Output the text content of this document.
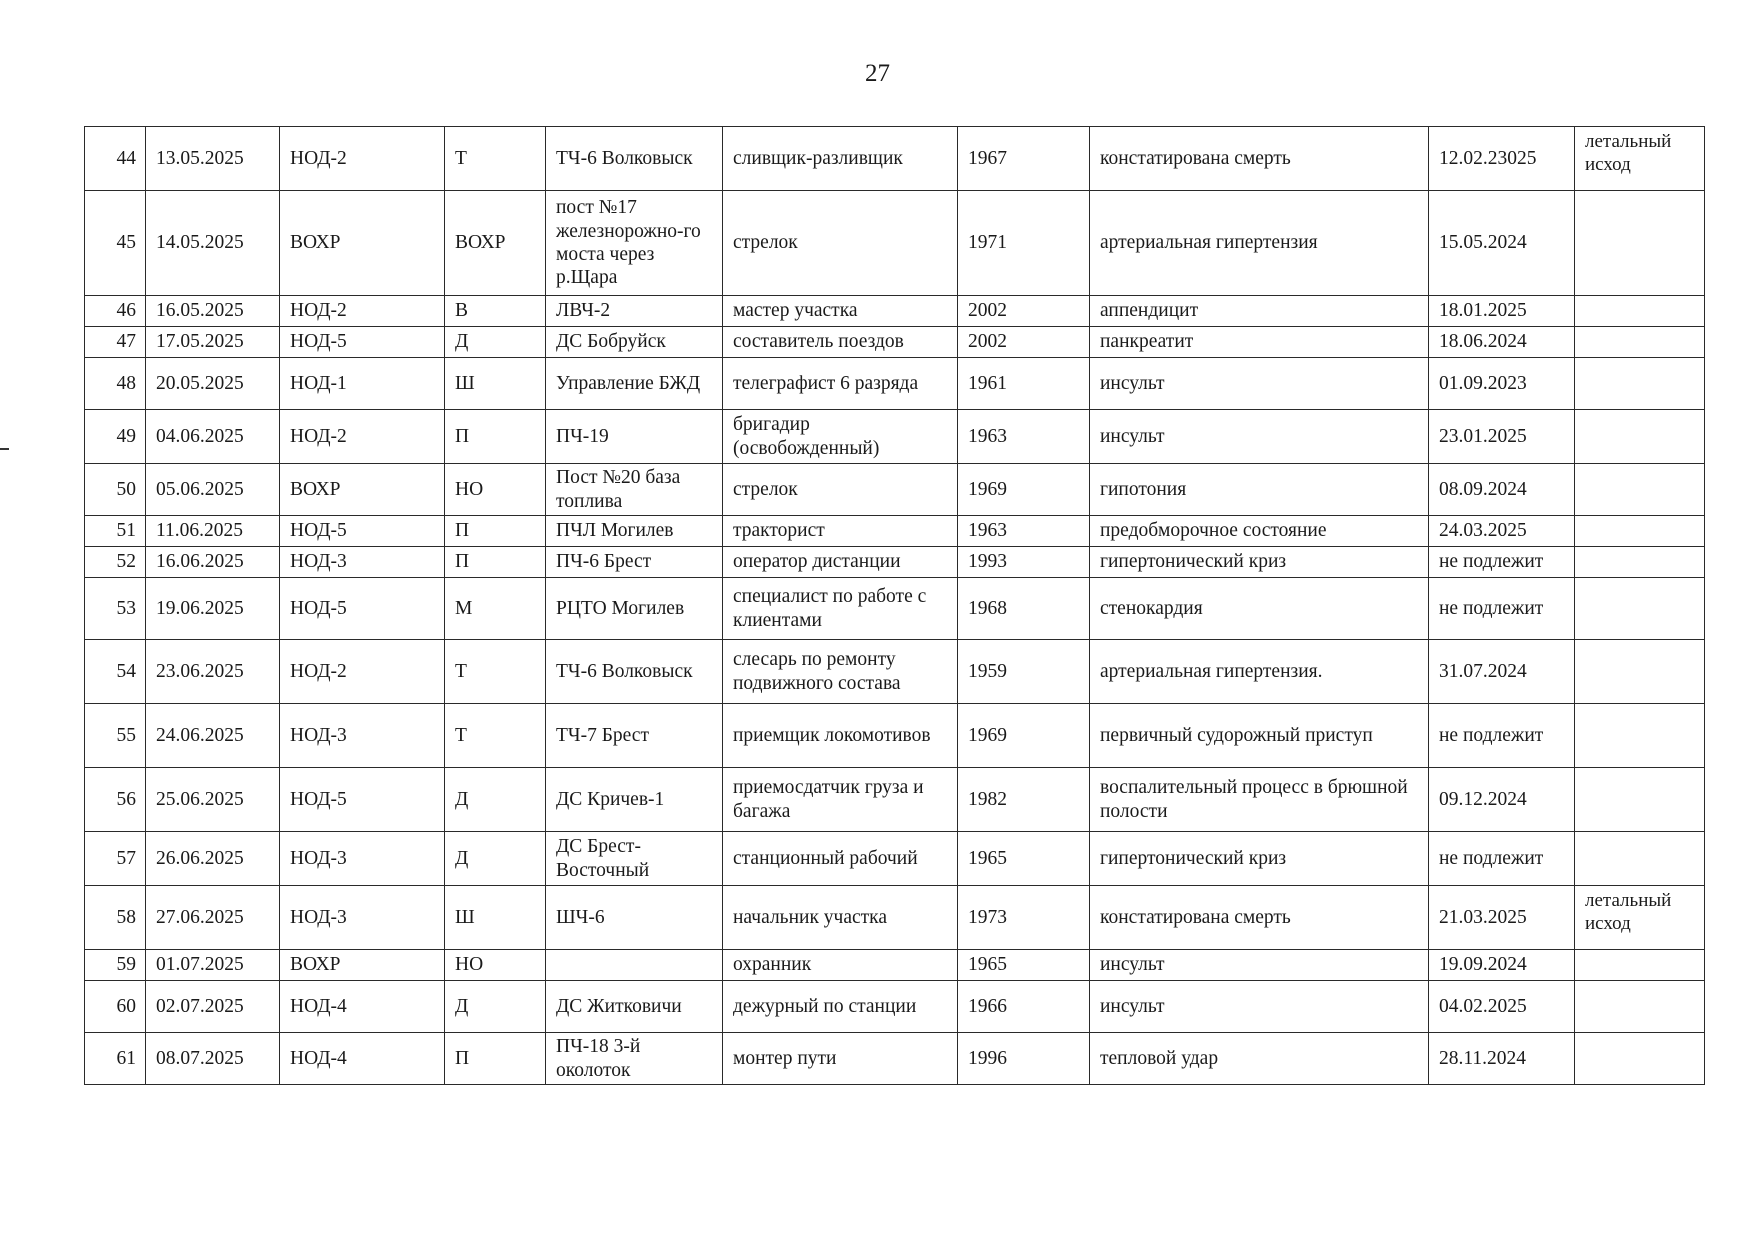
27
44	13.05.2025	НОД-2	Т	ТЧ-6 Волковыск	сливщик-разливщик	1967	констатирована смерть	12.02.23025	летальный исход
45	14.05.2025	ВОХР	ВОХР	пост №17 железнорожно-го моста через р.Щара	стрелок	1971	артериальная гипертензия	15.05.2024	
46	16.05.2025	НОД-2	В	ЛВЧ-2	мастер участка	2002	аппендицит	18.01.2025	
47	17.05.2025	НОД-5	Д	ДС Бобруйск	составитель поездов	2002	панкреатит	18.06.2024	
48	20.05.2025	НОД-1	Ш	Управление БЖД	телеграфист 6 разряда	1961	инсульт	01.09.2023	
49	04.06.2025	НОД-2	П	ПЧ-19	бригадир (освобожденный)	1963	инсульт	23.01.2025	
50	05.06.2025	ВОХР	НО	Пост №20 база топлива	стрелок	1969	гипотония	08.09.2024	
51	11.06.2025	НОД-5	П	ПЧЛ Могилев	тракторист	1963	предобморочное состояние	24.03.2025	
52	16.06.2025	НОД-3	П	ПЧ-6 Брест	оператор дистанции	1993	гипертонический криз	не подлежит	
53	19.06.2025	НОД-5	М	РЦТО Могилев	специалист по работе с клиентами	1968	стенокардия	не подлежит	
54	23.06.2025	НОД-2	Т	ТЧ-6 Волковыск	слесарь по ремонту подвижного состава	1959	артериальная гипертензия.	31.07.2024	
55	24.06.2025	НОД-3	Т	ТЧ-7 Брест	приемщик локомотивов	1969	первичный судорожный приступ	не подлежит	
56	25.06.2025	НОД-5	Д	ДС Кричев-1	приемосдатчик груза и багажа	1982	воспалительный процесс в брюшной полости	09.12.2024	
57	26.06.2025	НОД-3	Д	ДС Брест-Восточный	станционный рабочий	1965	гипертонический криз	не подлежит	
58	27.06.2025	НОД-3	Ш	ШЧ-6	начальник участка	1973	констатирована смерть	21.03.2025	летальный исход
59	01.07.2025	ВОХР	НО		охранник	1965	инсульт	19.09.2024	
60	02.07.2025	НОД-4	Д	ДС Житковичи	дежурный по станции	1966	инсульт	04.02.2025	
61	08.07.2025	НОД-4	П	ПЧ-18 3-й околоток	монтер пути	1996	тепловой удар	28.11.2024	
